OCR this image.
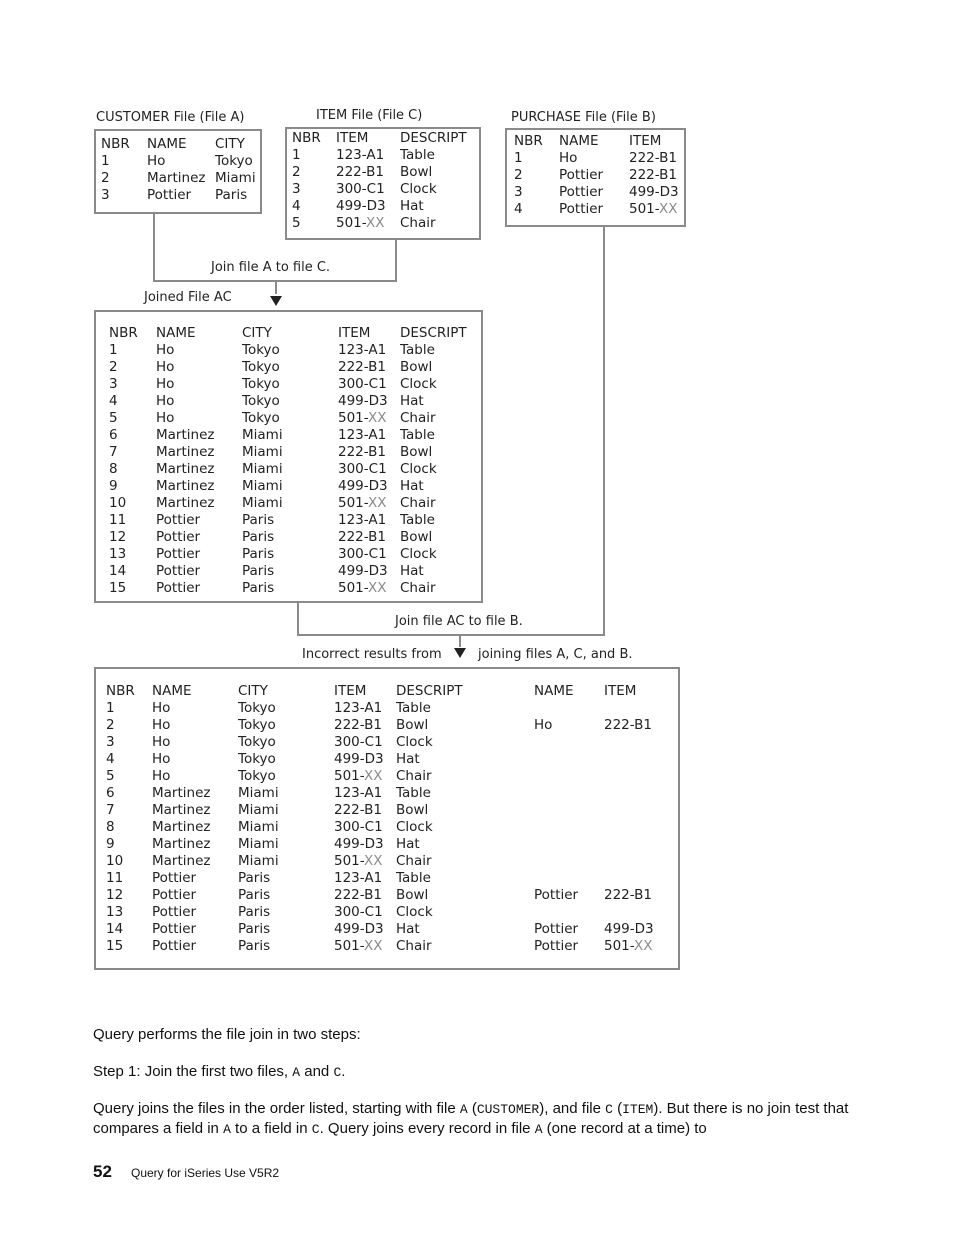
CUSTOMER File (File A)	ITEM File (File C)	PURCHASE File (File B)
NBR NAME CITY
1	Ho	Tokyo
2	Martinez Miami
3	Pottier Paris
NBR ITEM DESCRIPT
1	123-A1 Table
2	222-B1 Bowl
3	300-C1 Clock
4	499-D3 Hat
5	501-XX Chair
NBR NAME ITEM
1	Ho	222-B1
2	Pottier 222-B1
3	Pottier 499-D3
4	Pottier 501-XX
Join file A to file C.
Joined File AC
NBR NAME	CITY	ITEM DESCRIPT
1	Ho	Tokyo	123-A1 Table
2	Ho	Tokyo	222-B1 Bowl
3	Ho	Tokyo	300-C1 Clock
4	Ho	Tokyo	499-D3 Hat
5	Ho	Tokyo	501-XX Chair
6	Martinez Miami	123-A1 Table
7	Martinez Miami	222-B1 Bowl
8	Martinez Miami	300-C1 Clock
9	Martinez Miami	499-D3 Hat
10 Martinez Miami	501-XX Chair
11 Pottier	Paris	123-A1 Table
12 Pottier	Paris	222-B1 Bowl
13 Pottier	Paris	300-C1 Clock
14 Pottier	Paris	499-D3 Hat
15 Pottier	Paris	501-XX Chair
Join file AC to file B.
Incorrect results from	joining files A, C, and B.
NBR NAME	CITY	ITEM DESCRIPT	NAME ITEM
1	Ho	Tokyo	123-A1 Table
2	Ho	Tokyo	222-B1 Bowl	Ho	222-B1
3	Ho	Tokyo	300-C1 Clock
4	Ho	Tokyo	499-D3 Hat
5	Ho	Tokyo	501-XX Chair
6	Martinez Miami	123-A1 Table
7	Martinez Miami	222-B1 Bowl
8	Martinez Miami	300-C1 Clock
9	Martinez Miami	499-D3 Hat
10 Martinez Miami	501-XX Chair
11 Pottier	Paris	123-A1 Table
12 Pottier	Paris	222-B1 Bowl	Pottier 222-B1
13 Pottier	Paris	300-C1 Clock
14 Pottier	Paris	499-D3 Hat	Pottier 499-D3
15 Pottier	Paris	501-XX Chair	Pottier 501-XX
Query performs the file join in two steps:
Step 1: Join the first two files, A and C.
Query joins the files in the order listed, starting with file A (CUSTOMER), and file C (ITEM). But there is no join test that compares a field in A to a field in C. Query joins every record in file A (one record at a time) to
52 Query for iSeries Use V5R2
